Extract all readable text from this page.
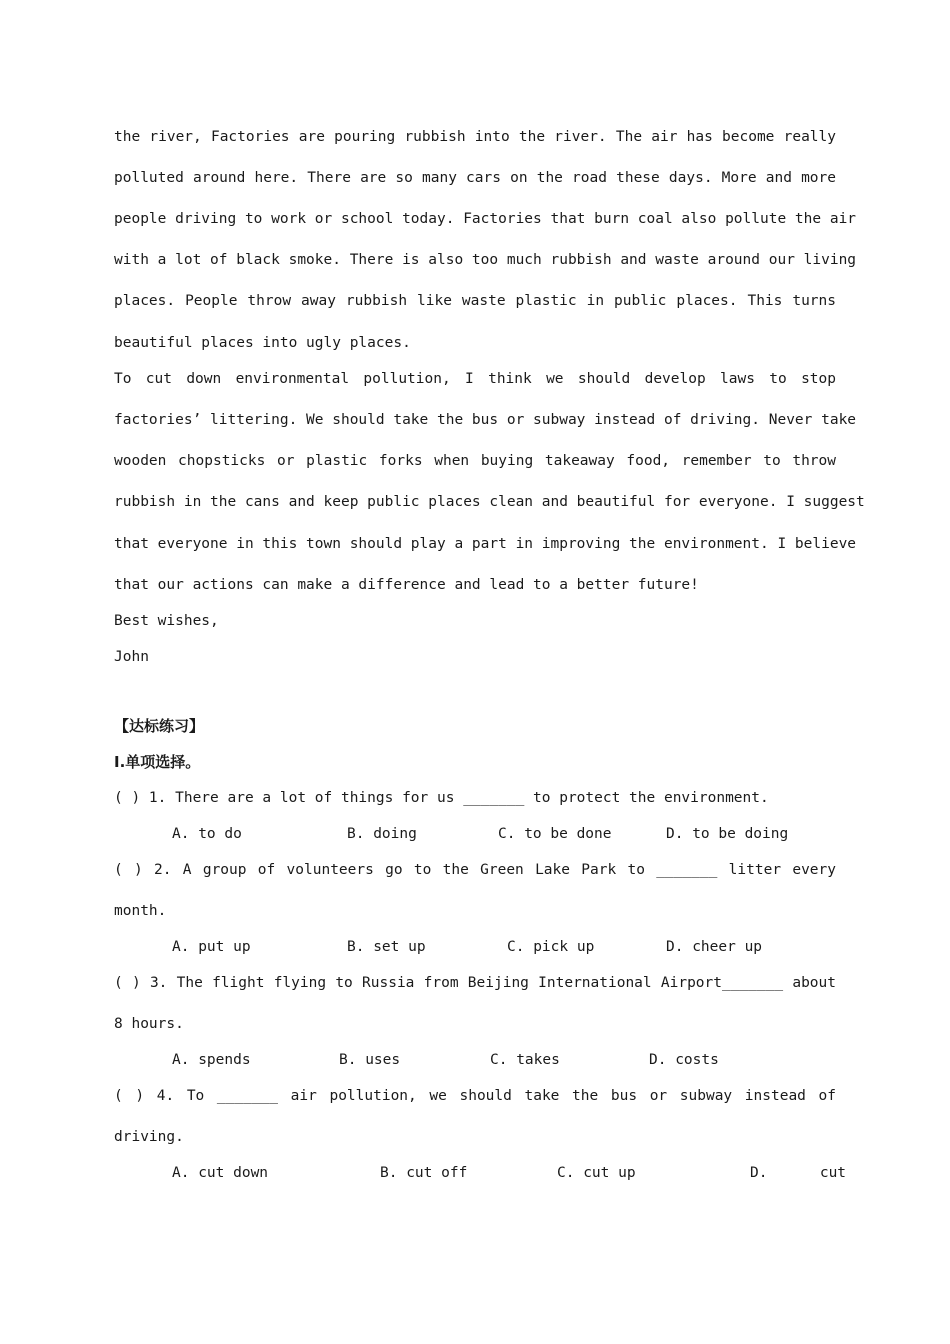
the river, Factories are pouring rubbish into the river. The air has become really
polluted around here. There are so many cars on the road these days. More and more
people driving to work or school today. Factories that burn coal also pollute the air
with a lot of black smoke. There is also too much rubbish and waste around our living
places. People throw away rubbish like waste plastic in public places. This turns
beautiful places into ugly places.
To cut down environmental pollution, I think we should develop laws to stop
factories’ littering. We should take the bus or subway instead of driving. Never take
wooden chopsticks or plastic forks when buying takeaway food, remember to throw
rubbish in the cans and keep public places clean and beautiful for everyone. I suggest
that everyone in this town should play a part in improving the environment. I believe
that our actions can make a difference and lead to a better future!
Best wishes,
John
【达标练习】
I.单项选择。
( ) 1. There are a lot of things for us _______ to protect the environment.
A. to do	B. doing	C. to be done	D. to be doing
( ) 2. A group of volunteers go to the Green Lake Park to _______ litter every
month.
A. put up	B. set up	C. pick up	D. cheer up
( ) 3. The flight flying to Russia from Beijing International Airport_______ about
8 hours.
A. spends	B. uses	C. takes	D. costs
( ) 4. To _______ air pollution, we should take the bus or subway instead of
driving.
A. cut down	B. cut off	C. cut up	D.      cut
